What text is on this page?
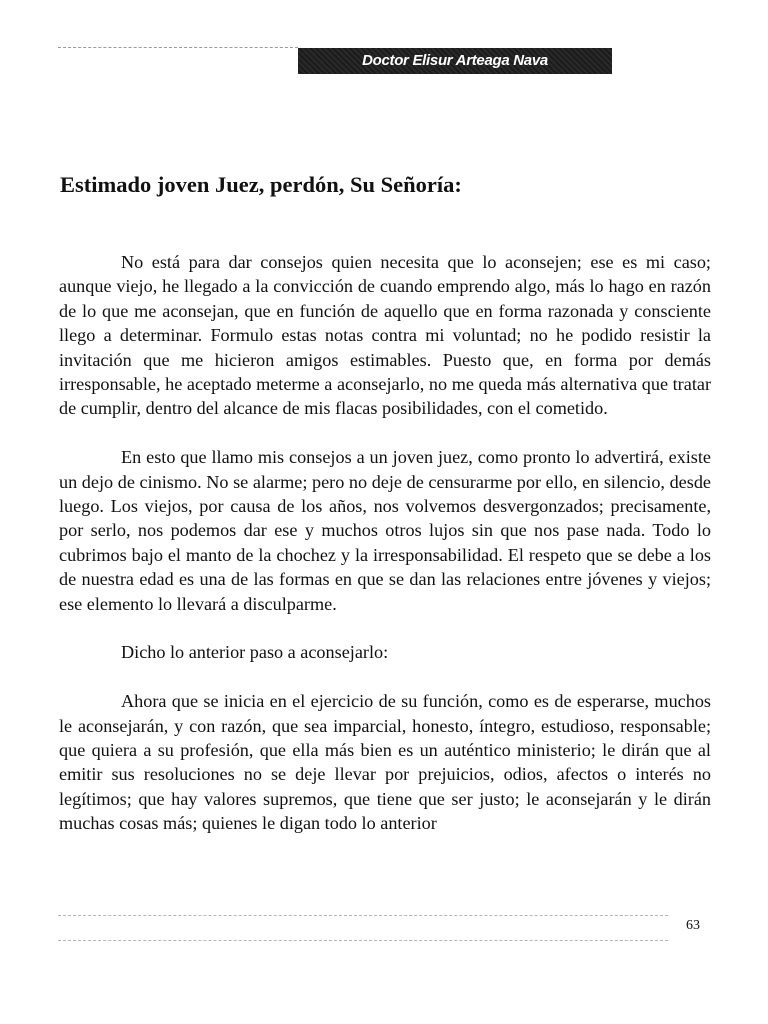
Doctor Elisur Arteaga Nava
Estimado joven Juez, perdón, Su Señoría:

No está para dar consejos quien necesita que lo aconsejen; ese es mi caso; aunque viejo, he llegado a la convicción de cuando emprendo algo, más lo hago en razón de lo que me aconsejan, que en función de aquello que en forma razonada y consciente llego a determinar. Formulo estas notas contra mi voluntad; no he podido resistir la invitación que me hicieron amigos estimables. Puesto que, en forma por demás irresponsable, he aceptado meterme a aconsejarlo, no me queda más alternativa que tratar de cumplir, dentro del alcance de mis flacas posibilidades, con el cometido.

En esto que llamo mis consejos a un joven juez, como pronto lo advertirá, existe un dejo de cinismo. No se alarme; pero no deje de censurarme por ello, en silencio, desde luego. Los viejos, por causa de los años, nos volvemos desvergonzados; precisamente, por serlo, nos podemos dar ese y muchos otros lujos sin que nos pase nada. Todo lo cubrimos bajo el manto de la chochez y la irresponsabilidad. El respeto que se debe a los de nuestra edad es una de las formas en que se dan las relaciones entre jóvenes y viejos; ese elemento lo llevará a disculparme.

Dicho lo anterior paso a aconsejarlo:

Ahora que se inicia en el ejercicio de su función, como es de esperarse, muchos le aconsejarán, y con razón, que sea imparcial, honesto, íntegro, estudioso, responsable; que quiera a su profesión, que ella más bien es un auténtico ministerio; le dirán que al emitir sus resoluciones no se deje llevar por prejuicios, odios, afectos o interés no legítimos; que hay valores supremos, que tiene que ser justo; le aconsejarán y le dirán muchas cosas más; quienes le digan todo lo anterior

63
